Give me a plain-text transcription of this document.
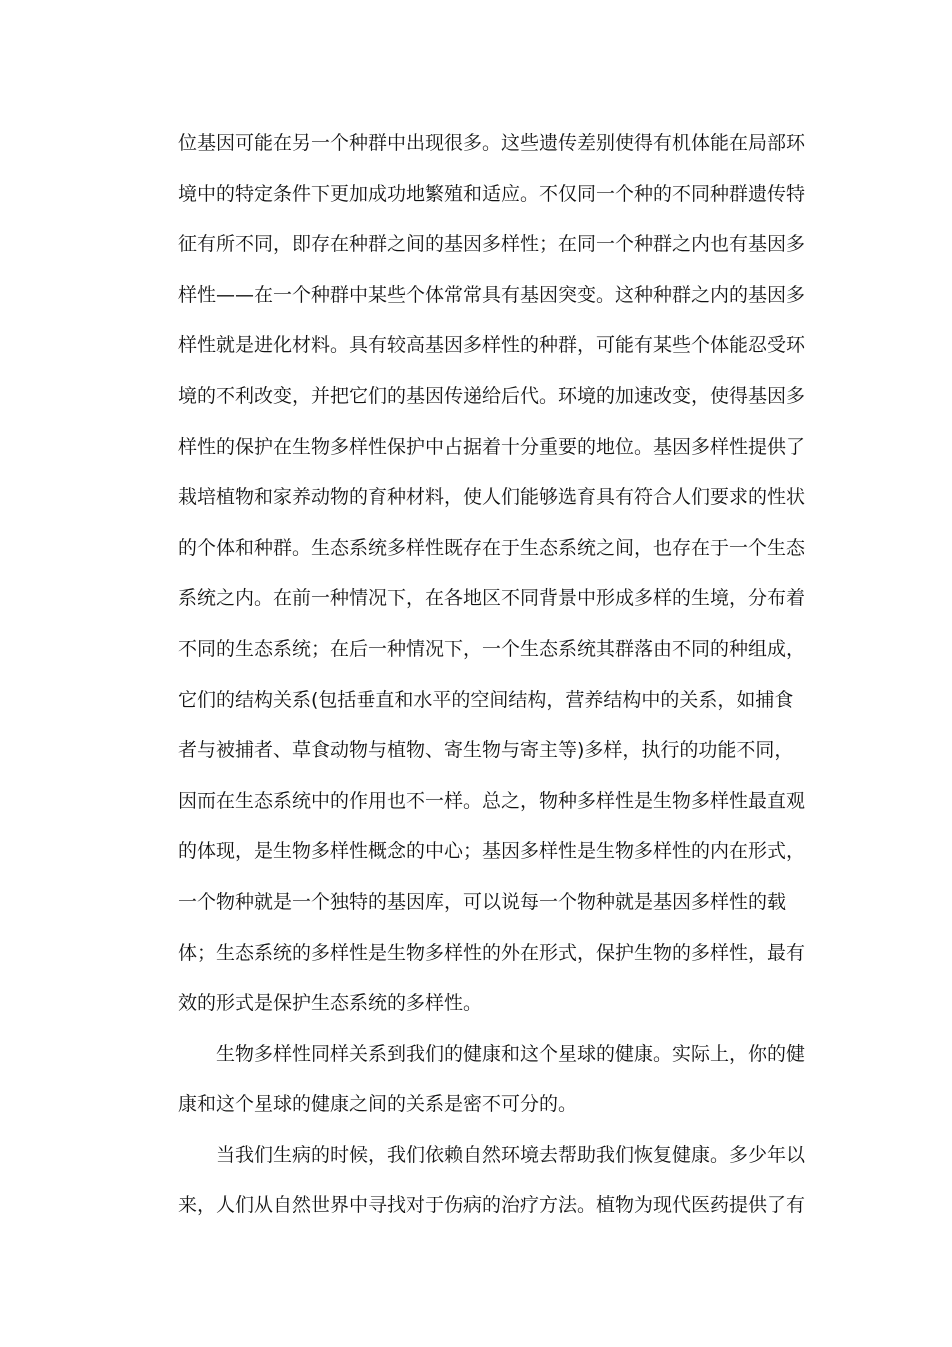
位基因可能在另一个种群中出现很多。这些遗传差别使得有机体能在局部环
境中的特定条件下更加成功地繁殖和适应。不仅同一个种的不同种群遗传特
征有所不同，即存在种群之间的基因多样性；在同一个种群之内也有基因多
样性——在一个种群中某些个体常常具有基因突变。这种种群之内的基因多
样性就是进化材料。具有较高基因多样性的种群，可能有某些个体能忍受环
境的不利改变，并把它们的基因传递给后代。环境的加速改变，使得基因多
样性的保护在生物多样性保护中占据着十分重要的地位。基因多样性提供了
栽培植物和家养动物的育种材料，使人们能够选育具有符合人们要求的性状
的个体和种群。生态系统多样性既存在于生态系统之间，也存在于一个生态
系统之内。在前一种情况下，在各地区不同背景中形成多样的生境，分布着
不同的生态系统；在后一种情况下，一个生态系统其群落由不同的种组成，
它们的结构关系(包括垂直和水平的空间结构，营养结构中的关系，如捕食
者与被捕者、草食动物与植物、寄生物与寄主等)多样，执行的功能不同，
因而在生态系统中的作用也不一样。总之，物种多样性是生物多样性最直观
的体现，是生物多样性概念的中心；基因多样性是生物多样性的内在形式，
一个物种就是一个独特的基因库，可以说每一个物种就是基因多样性的载
体；生态系统的多样性是生物多样性的外在形式，保护生物的多样性，最有
效的形式是保护生态系统的多样性。
生物多样性同样关系到我们的健康和这个星球的健康。实际上，你的健
康和这个星球的健康之间的关系是密不可分的。
当我们生病的时候，我们依赖自然环境去帮助我们恢复健康。多少年以
来，人们从自然世界中寻找对于伤病的治疗方法。植物为现代医药提供了有
